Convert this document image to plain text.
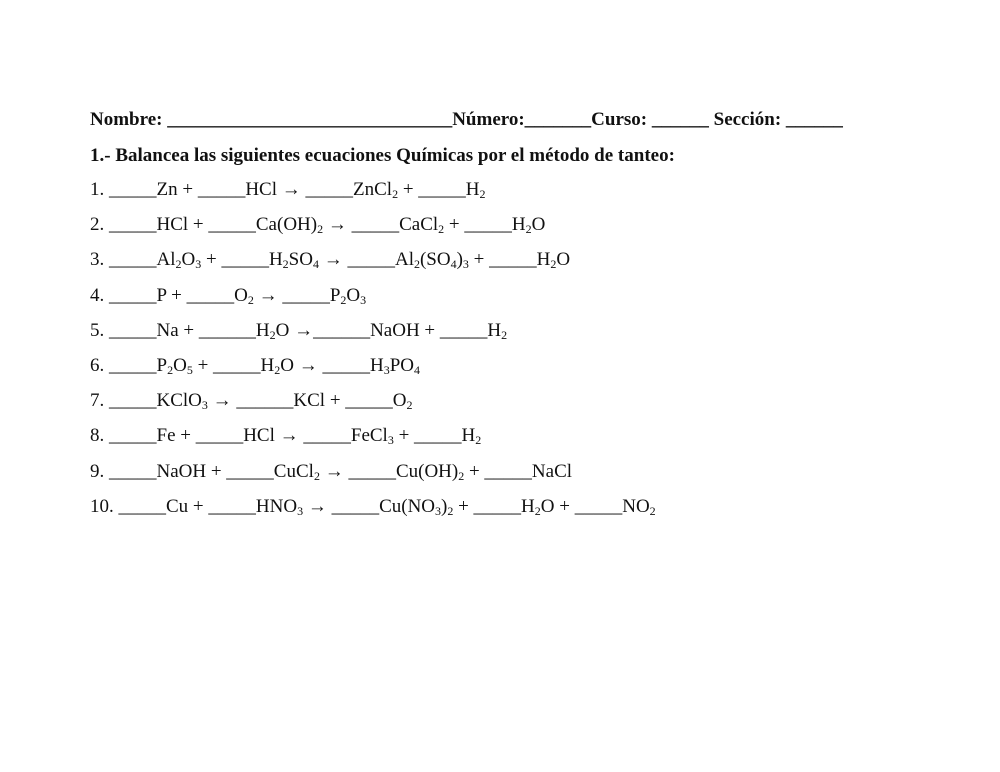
Nombre: ______________________________Número:_______Curso: ______ Sección: ______
1.- Balancea las siguientes ecuaciones Químicas por el método de tanteo:
1. _____Zn + _____HCl → _____ZnCl$_2$ + $\_\_\_\_\_H_2$
2. _____HCl + $\_\_\_\_\_Ca(OH)_2$ → _____CaCl$_2$ + $\_\_\_\_\_H_2O$
3. $\_\_\_\_\_Al_2O_3$ + $\_\_\_\_\_H_2SO_4$ → $\_\_\_\_\_Al_2(SO_4)_3$ + $\_\_\_\_\_H_2O$
4. _____P + $\_\_\_\_\_O_2$ → $\_\_\_\_\_P_2O_3$
5. _____Na + $\_\_\_\_\_\_H_2O$ →______NaOH + $\_\_\_\_\_H_2$
6. $\_\_\_\_\_P_2O_5$ + $\_\_\_\_\_H_2O$ → $\_\_\_\_\_H_3PO_4$
7. _____KClO$_3$ → ______KCl + $\_\_\_\_\_O_2$
8. _____Fe + _____HCl → _____FeCl$_3$ + $\_\_\_\_\_H_2$
9. _____NaOH + _____CuCl$_2$ → $\_\_\_\_\_Cu(OH)_2$ + _____NaCl
10. _____Cu + $\_\_\_\_\_HNO_3$ → $\_\_\_\_\_Cu(NO_3)_2$ + $\_\_\_\_\_H_2O$ + $\_\_\_\_\_NO_2$
